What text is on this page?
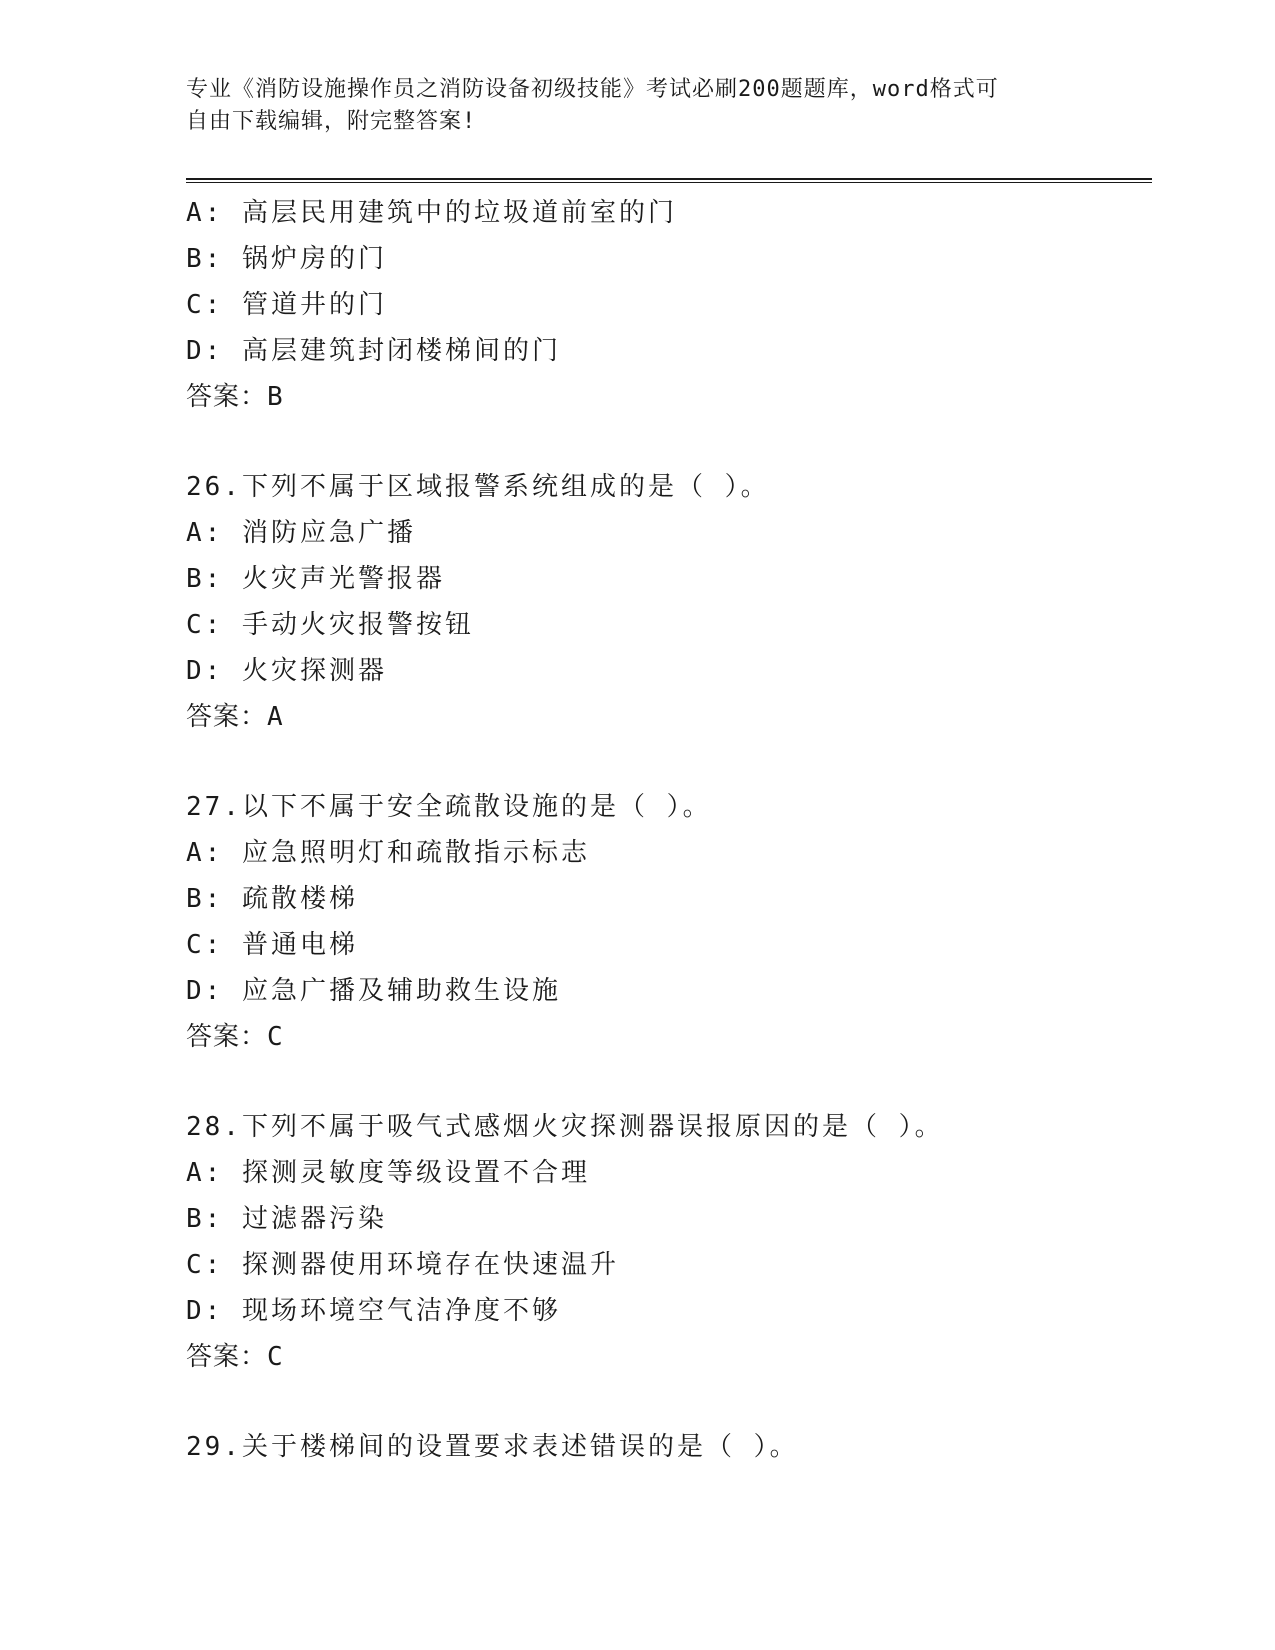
专业《消防设施操作员之消防设备初级技能》考试必刷200题题库，word格式可
自由下载编辑，附完整答案!
A: 高层民用建筑中的垃圾道前室的门
B: 锅炉房的门
C: 管道井的门
D: 高层建筑封闭楼梯间的门
答案：B
26.下列不属于区域报警系统组成的是（ ）。
A: 消防应急广播
B: 火灾声光警报器
C: 手动火灾报警按钮
D: 火灾探测器
答案：A
27.以下不属于安全疏散设施的是（ ）。
A: 应急照明灯和疏散指示标志
B: 疏散楼梯
C: 普通电梯
D: 应急广播及辅助救生设施
答案：C
28.下列不属于吸气式感烟火灾探测器误报原因的是（ ）。
A: 探测灵敏度等级设置不合理
B: 过滤器污染
C: 探测器使用环境存在快速温升
D: 现场环境空气洁净度不够
答案：C
29.关于楼梯间的设置要求表述错误的是（ ）。
